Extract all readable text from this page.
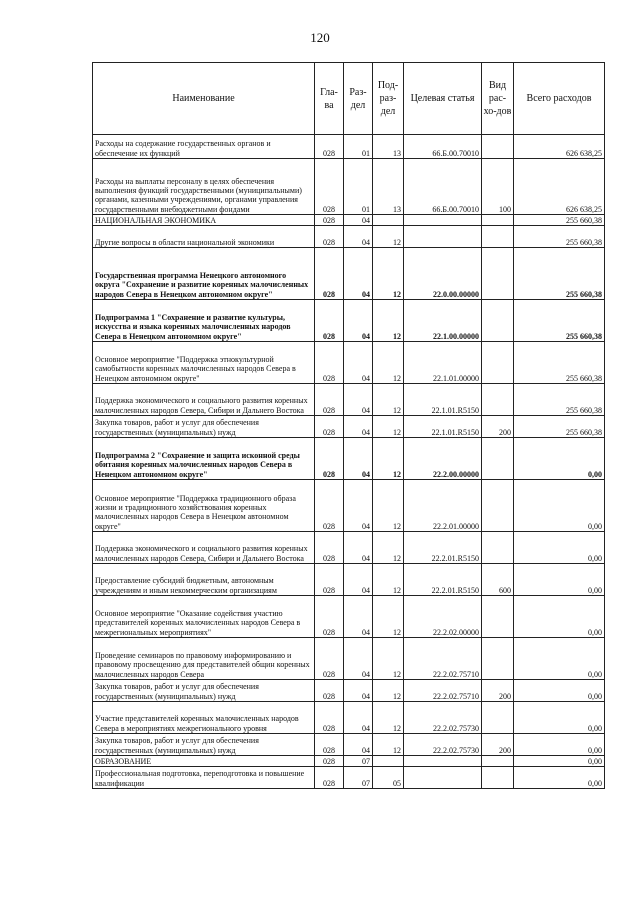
120
Наименование	Гла-ва	Раз-дел	Под-раз-дел	Целевая статья	Вид рас-хо-дов	Всего расходов
Расходы на содержание государственных органов и обеспечение их функций	028	01	13	66.Б.00.70010		626 638,25
Расходы на выплаты персоналу в целях обеспечения выполнения функций государственными (муниципальными) органами, казенными учреждениями, органами управления государственными внебюджетными фондами	028	01	13	66.Б.00.70010	100	626 638,25
НАЦИОНАЛЬНАЯ ЭКОНОМИКА	028	04				255 660,38
Другие вопросы в области национальной экономики	028	04	12			255 660,38
Государственная программа Ненецкого автономного округа "Сохранение и развитие коренных малочисленных народов Севера в Ненецком автономном округе"	028	04	12	22.0.00.00000		255 660,38
Подпрограмма 1 "Сохранение и развитие культуры, искусства и языка коренных малочисленных народов Севера в Ненецком автономном округе"	028	04	12	22.1.00.00000		255 660,38
Основное мероприятие "Поддержка этнокультурной самобытности коренных малочисленных народов Севера в Ненецком автономном округе"	028	04	12	22.1.01.00000		255 660,38
Поддержка экономического и социального развития коренных малочисленных народов Севера, Сибири и Дальнего Востока	028	04	12	22.1.01.R5150		255 660,38
Закупка товаров, работ и услуг для обеспечения государственных (муниципальных) нужд	028	04	12	22.1.01.R5150	200	255 660,38
Подпрограмма 2 "Сохранение и защита исконной среды обитания коренных малочисленных народов Севера в Ненецком автономном округе"	028	04	12	22.2.00.00000		0,00
Основное мероприятие "Поддержка традиционного образа жизни и традиционного хозяйствования коренных малочисленных народов Севера в Ненецком автономном округе"	028	04	12	22.2.01.00000		0,00
Поддержка экономического и социального развития коренных малочисленных народов Севера, Сибири и Дальнего Востока	028	04	12	22.2.01.R5150		0,00
Предоставление субсидий бюджетным, автономным учреждениям и иным некоммерческим организациям	028	04	12	22.2.01.R5150	600	0,00
Основное мероприятие "Оказание содействия участию представителей коренных малочисленных народов Севера в межрегиональных мероприятиях"	028	04	12	22.2.02.00000		0,00
Проведение семинаров по правовому информированию и правовому просвещению для представителей общин коренных малочисленных народов Севера	028	04	12	22.2.02.75710		0,00
Закупка товаров, работ и услуг для обеспечения государственных (муниципальных) нужд	028	04	12	22.2.02.75710	200	0,00
Участие представителей коренных малочисленных народов Севера в мероприятиях межрегионального уровня	028	04	12	22.2.02.75730		0,00
Закупка товаров, работ и услуг для обеспечения государственных (муниципальных) нужд	028	04	12	22.2.02.75730	200	0,00
ОБРАЗОВАНИЕ	028	07				0,00
Профессиональная подготовка, переподготовка и повышение квалификации	028	07	05			0,00
